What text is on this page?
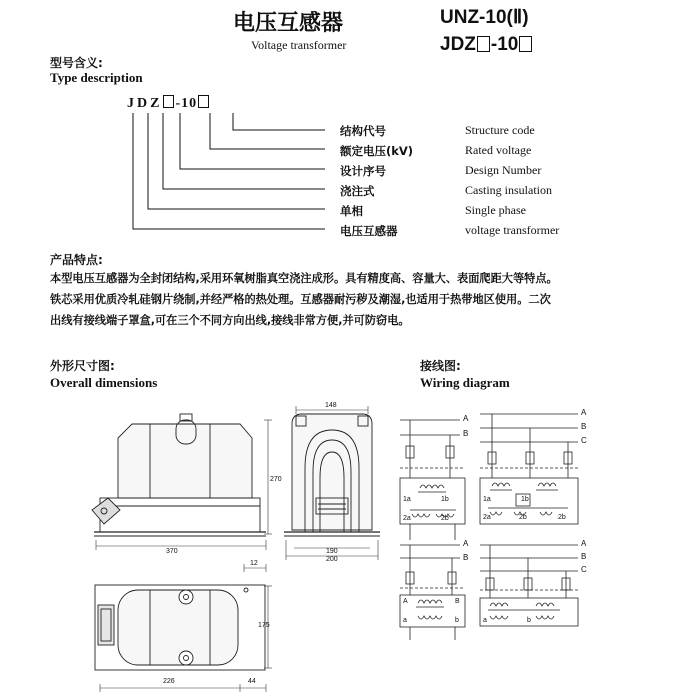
电压互感器
Voltage transformer
UNZ-10(Ⅱ)
JDZ -10
型号含义:
Type description
JDZ -10
结构代号	Structure code
额定电压(kV)	Rated voltage
设计序号	Design Number
浇注式	Casting insulation
单相	Single phase
电压互感器	voltage transformer
产品特点:
本型电压互感器为全封闭结构,采用环氧树脂真空浇注成形。具有精度高、容量大、表面爬距大等特点。
铁芯采用优质冷轧硅钢片绕制,并经严格的热处理。互感器耐污秽及潮湿,也适用于热带地区使用。二次
出线有接线端子罩盒,可在三个不同方向出线,接线非常方便,并可防窃电。
外形尺寸图:
Overall dimensions
接线图:
Wiring diagram
370
270
148
190
200
12
175
226	44
A
B
A
B
C
1a	1b
2a	2b
1a	1b
2a	2b	2b
A
B
A
B
C
A	B
a	b	a	b
